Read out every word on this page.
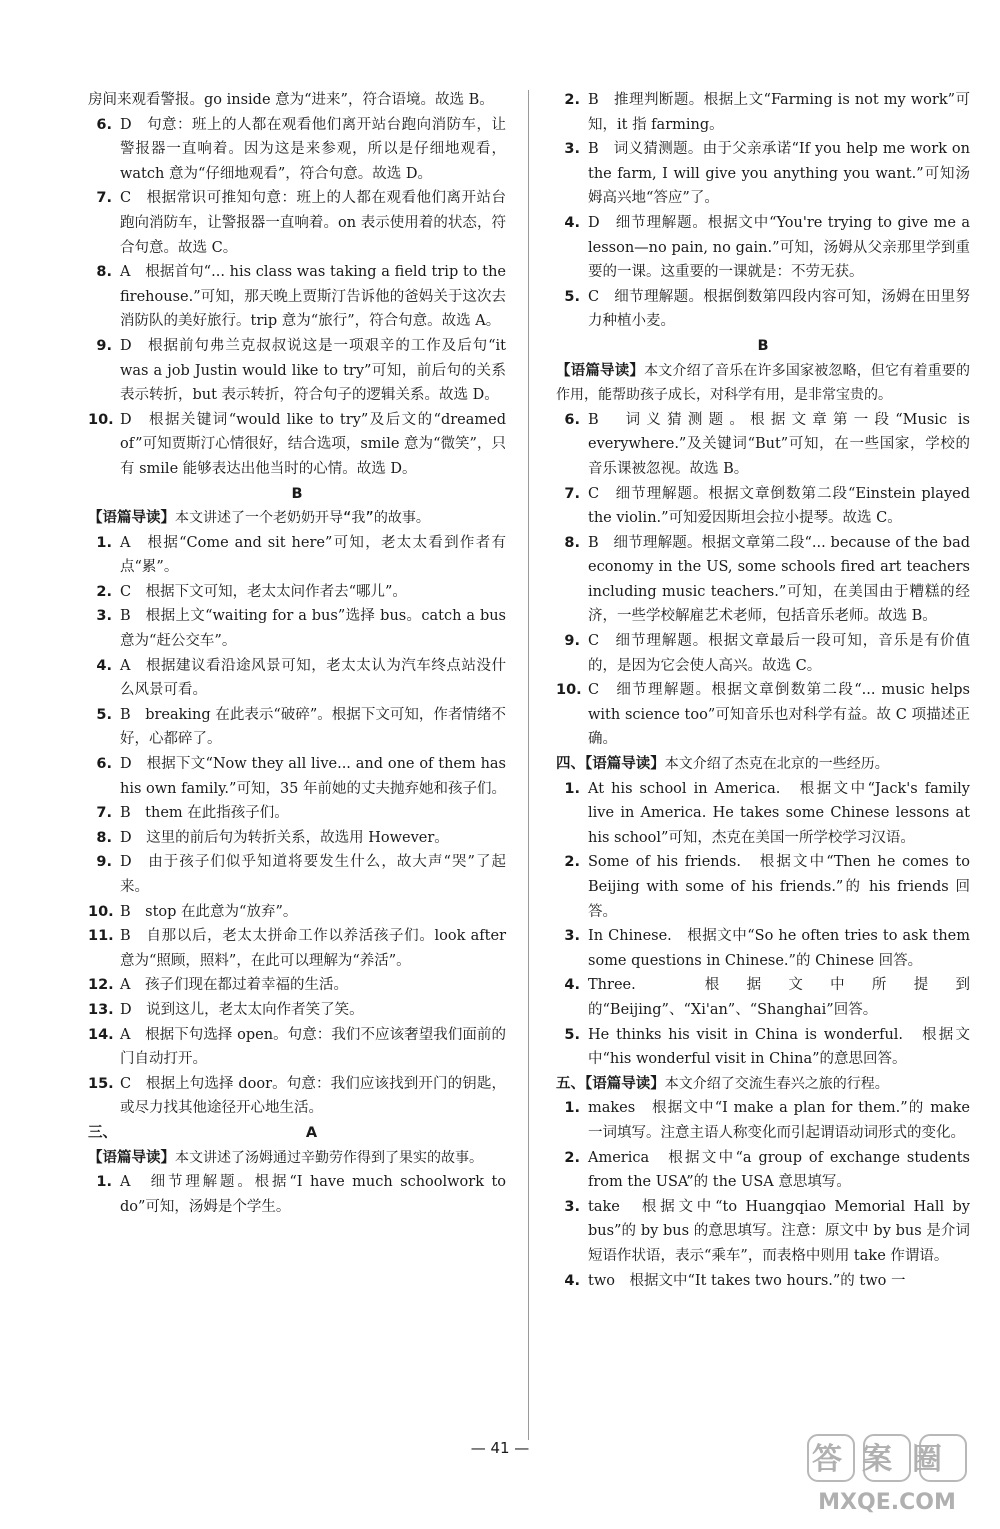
房间来观看警报。go inside 意为“进来”，符合语境。故选 B。
6. D　句意：班上的人都在观看他们离开站台跑向消防车，让警报器一直响着。因为这是来参观，所以是仔细地观看，watch 意为“仔细地观看”，符合句意。故选 D。
7. C　根据常识可推知句意：班上的人都在观看他们离开站台跑向消防车，让警报器一直响着。on 表示使用着的状态，符合句意。故选 C。
8. A　根据首句“... his class was taking a field trip to the firehouse.”可知，那天晚上贾斯汀告诉他的爸妈关于这次去消防队的美好旅行。trip 意为“旅行”，符合句意。故选 A。
9. D　根据前句弗兰克叔叔说这是一项艰辛的工作及后句“it was a job Justin would like to try”可知，前后句的关系表示转折，but 表示转折，符合句子的逻辑关系。故选 D。
10. D　根据关键词“would like to try”及后文的“dreamed of”可知贾斯汀心情很好，结合选项，smile 意为“微笑”，只有 smile 能够表达出他当时的心情。故选 D。
B
【语篇导读】本文讲述了一个老奶奶开导“我”的故事。
1. A　根据“Come and sit here”可知，老太太看到作者有点“累”。
2. C　根据下文可知，老太太问作者去“哪儿”。
3. B　根据上文“waiting for a bus”选择 bus。catch a bus 意为“赶公交车”。
4. A　根据建议看沿途风景可知，老太太认为汽车终点站没什么风景可看。
5. B　breaking 在此表示“破碎”。根据下文可知，作者情绪不好，心都碎了。
6. D　根据下文“Now they all live... and one of them has his own family.”可知，35 年前她的丈夫抛弃她和孩子们。
7. B　them 在此指孩子们。
8. D　这里的前后句为转折关系，故选用 However。
9. D　由于孩子们似乎知道将要发生什么，故大声“哭”了起来。
10. B　stop 在此意为“放弃”。
11. B　自那以后，老太太拼命工作以养活孩子们。look after 意为“照顾，照料”，在此可以理解为“养活”。
12. A　孩子们现在都过着幸福的生活。
13. D　说到这儿，老太太向作者笑了笑。
14. A　根据下句选择 open。句意：我们不应该奢望我们面前的门自动打开。
15. C　根据上句选择 door。句意：我们应该找到开门的钥匙，或尽力找其他途径开心地生活。
三、	A
【语篇导读】本文讲述了汤姆通过辛勤劳作得到了果实的故事。
1. A　细节理解题。根据“I have much schoolwork to do”可知，汤姆是个学生。
2. B　推理判断题。根据上文“Farming is not my work”可知，it 指 farming。
3. B　词义猜测题。由于父亲承诺“If you help me work on the farm, I will give you anything you want.”可知汤姆高兴地“答应”了。
4. D　细节理解题。根据文中“You're trying to give me a lesson—no pain, no gain.”可知，汤姆从父亲那里学到重要的一课。这重要的一课就是：不劳无获。
5. C　细节理解题。根据倒数第四段内容可知，汤姆在田里努力种植小麦。
B
【语篇导读】本文介绍了音乐在许多国家被忽略，但它有着重要的作用，能帮助孩子成长，对科学有用，是非常宝贵的。
6. B　词义猜测题。根据文章第一段“Music is everywhere.”及关键词“But”可知，在一些国家，学校的音乐课被忽视。故选 B。
7. C　细节理解题。根据文章倒数第二段“Einstein played the violin.”可知爱因斯坦会拉小提琴。故选 C。
8. B　细节理解题。根据文章第二段“... because of the bad economy in the US, some schools fired art teachers including music teachers.”可知，在美国由于糟糕的经济，一些学校解雇艺术老师，包括音乐老师。故选 B。
9. C　细节理解题。根据文章最后一段可知，音乐是有价值的，是因为它会使人高兴。故选 C。
10. C　细节理解题。根据文章倒数第二段“... music helps with science too”可知音乐也对科学有益。故 C 项描述正确。
四、【语篇导读】本文介绍了杰克在北京的一些经历。
1. At his school in America.　根据文中“Jack's family live in America. He takes some Chinese lessons at his school”可知，杰克在美国一所学校学习汉语。
2. Some of his friends.　根据文中“Then he comes to Beijing with some of his friends.”的 his friends 回答。
3. In Chinese.　根据文中“So he often tries to ask them some questions in Chinese.”的 Chinese 回答。
4. Three.　根据文中所提到的“Beijing”、“Xi'an”、“Shanghai”回答。
5. He thinks his visit in China is wonderful.　根据文中“his wonderful visit in China”的意思回答。
五、【语篇导读】本文介绍了交流生春兴之旅的行程。
1. makes　根据文中“I make a plan for them.”的 make 一词填写。注意主语人称变化而引起谓语动词形式的变化。
2. America　根据文中“a group of exchange students from the USA”的 the USA 意思填写。
3. take　根据文中“to Huangqiao Memorial Hall by bus”的 by bus 的意思填写。注意：原文中 by bus 是介词短语作状语，表示“乘车”，而表格中则用 take 作谓语。
4. two　根据文中“It takes two hours.”的 two 一
— 41 —	答案圈
MXQE.COM
